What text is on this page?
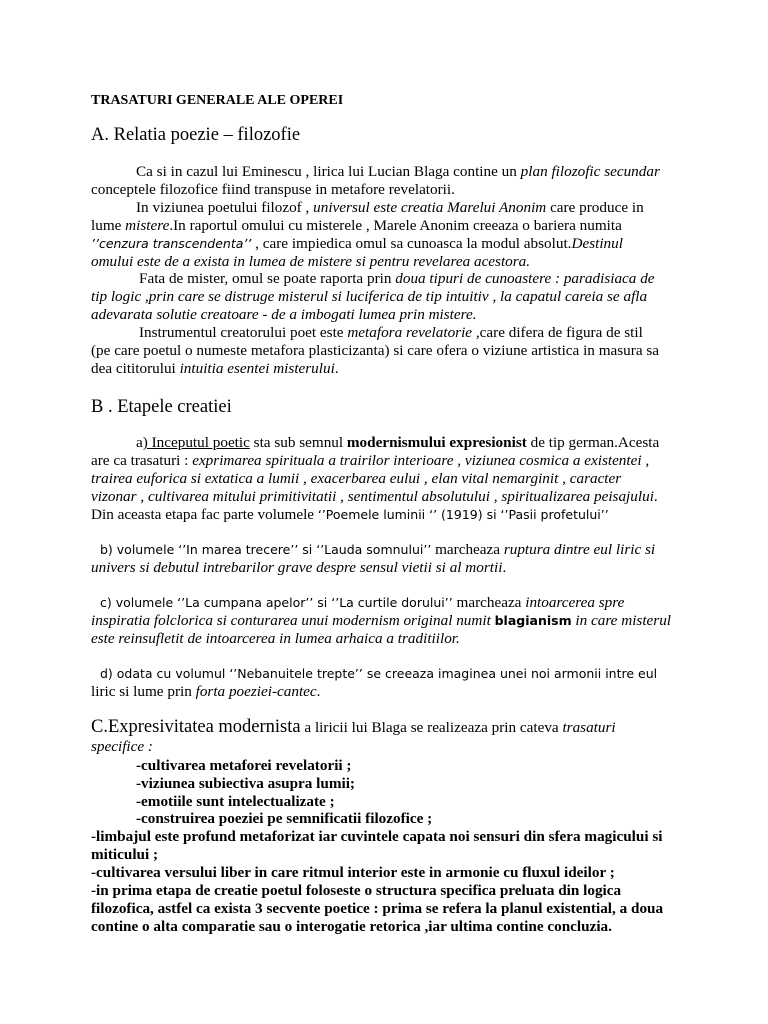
TRASATURI GENERALE ALE OPEREI
A. Relatia poezie – filozofie
Ca si in cazul lui Eminescu , lirica lui Lucian Blaga contine un plan filozofic secundar
conceptele filozofice fiind transpuse in metafore revelatorii.
In viziunea poetului filozof , universul este creatia Marelui Anonim care produce in
lume mistere.In raportul omului cu misterele , Marele Anonim creeaza o bariera numita
’’cenzura transcendenta’’ , care impiedica omul sa cunoasca la modul absolut.Destinul
omului este de a exista in lumea de mistere si pentru revelarea acestora.
Fata de mister, omul se poate raporta prin doua tipuri de cunoastere : paradisiaca de
tip logic ,prin care se distruge misterul si luciferica de tip intuitiv , la capatul careia se afla
adevarata solutie creatoare - de a imbogati lumea prin mistere.
Instrumentul creatorului poet este metafora revelatorie ,care difera de figura de stil
(pe care poetul o numeste metafora plasticizanta) si care ofera o viziune artistica in masura sa
dea cititorului intuitia esentei misterului.
B . Etapele creatiei
a) Inceputul poetic sta sub semnul modernismului expresionist de tip german.Acesta
are ca trasaturi : exprimarea spirituala a trairilor interioare , viziunea cosmica a existentei ,
trairea euforica si extatica a lumii , exacerbarea eului , elan vital nemarginit , caracter
vizonar , cultivarea mitului primitivitatii , sentimentul absolutului , spiritualizarea peisajului.
Din aceasta etapa fac parte volumele ‘’Poemele luminii ‘’ (1919) si ‘’Pasii profetului’’
b) volumele ‘’In marea trecere’’ si ‘’Lauda somnului’’ marcheaza ruptura dintre eul liric si
univers si debutul intrebarilor grave despre sensul vietii si al mortii.
c) volumele ‘’La cumpana apelor’’ si ‘’La curtile dorului’’ marcheaza intoarcerea spre
inspiratia folclorica si conturarea unui modernism original numit blagianism in care misterul
este reinsufletit de intoarcerea in lumea arhaica a traditiilor.
d) odata cu volumul ‘’Nebanuitele trepte’’ se creeaza imaginea unei noi armonii intre eul
liric si lume prin forta poeziei-cantec.
C.Expresivitatea modernista a liricii lui Blaga se realizeaza prin cateva trasaturi
specifice :
-cultivarea metaforei revelatorii ;
-viziunea subiectiva asupra lumii;
-emotiile sunt intelectualizate ;
-construirea poeziei pe semnificatii filozofice ;
-limbajul este profund metaforizat iar cuvintele capata noi sensuri din sfera magicului si
miticului ;
-cultivarea versului liber in care ritmul interior este in armonie cu fluxul ideilor ;
-in prima etapa de creatie poetul foloseste o structura specifica preluata din logica
filozofica, astfel ca exista 3 secvente poetice : prima se refera la planul existential, a doua
contine o alta comparatie sau o interogatie retorica ,iar ultima contine concluzia.
